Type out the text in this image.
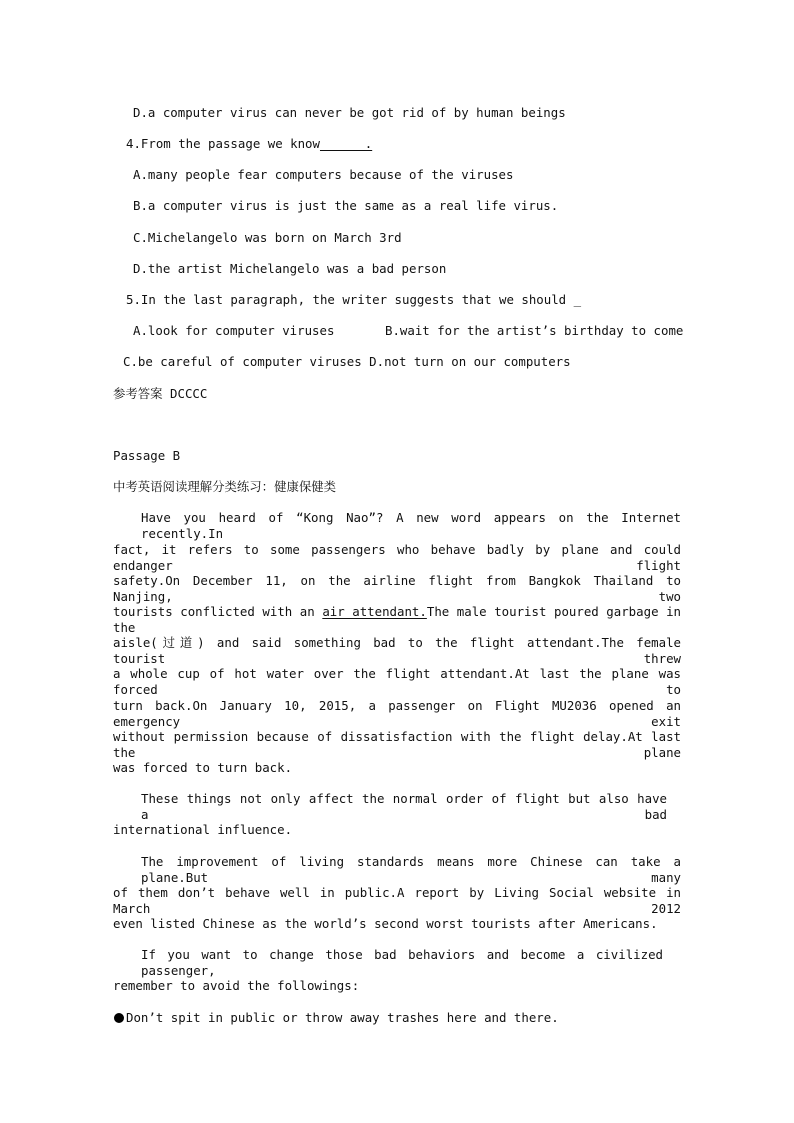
D.a computer virus can never be got rid of by human beings
4.From the passage we know______.
A.many people fear computers because of the viruses
B.a computer virus is just the same as a real life virus.
C.Michelangelo was born on March 3rd
D.the artist Michelangelo was a bad person
5.In the last paragraph, the writer suggests that we should _
A.look for computer viruses	B.wait for the artist’s birthday to come
C.be careful of computer viruses D.not turn on our computers
参考答案 DCCCC
Passage B
中考英语阅读理解分类练习：健康保健类
Have you heard of “Kong Nao”? A new word appears on the Internet recently.In
fact, it refers to some passengers who behave badly by plane and could endanger flight
safety.On December 11, on the airline flight from Bangkok Thailand to Nanjing, two
tourists conflicted with an air attendant.The male tourist poured garbage in the
aisle(过道) and said something bad to the flight attendant.The female tourist threw
a whole cup of hot water over the flight attendant.At last the plane was forced to
turn back.On January 10, 2015, a passenger on Flight MU2036 opened an emergency exit
without permission because of dissatisfaction with the flight delay.At last the plane
was forced to turn back.
These things not only affect the normal order of flight but also have a bad
international influence.
The improvement of living standards means more Chinese can take a plane.But many
of them don’t behave well in public.A report by Living Social website in March 2012
even listed Chinese as the world’s second worst tourists after Americans.
If you want to change those bad behaviors and become a civilized passenger,
remember to avoid the followings:
Don’t spit in public or throw away trashes here and there.
